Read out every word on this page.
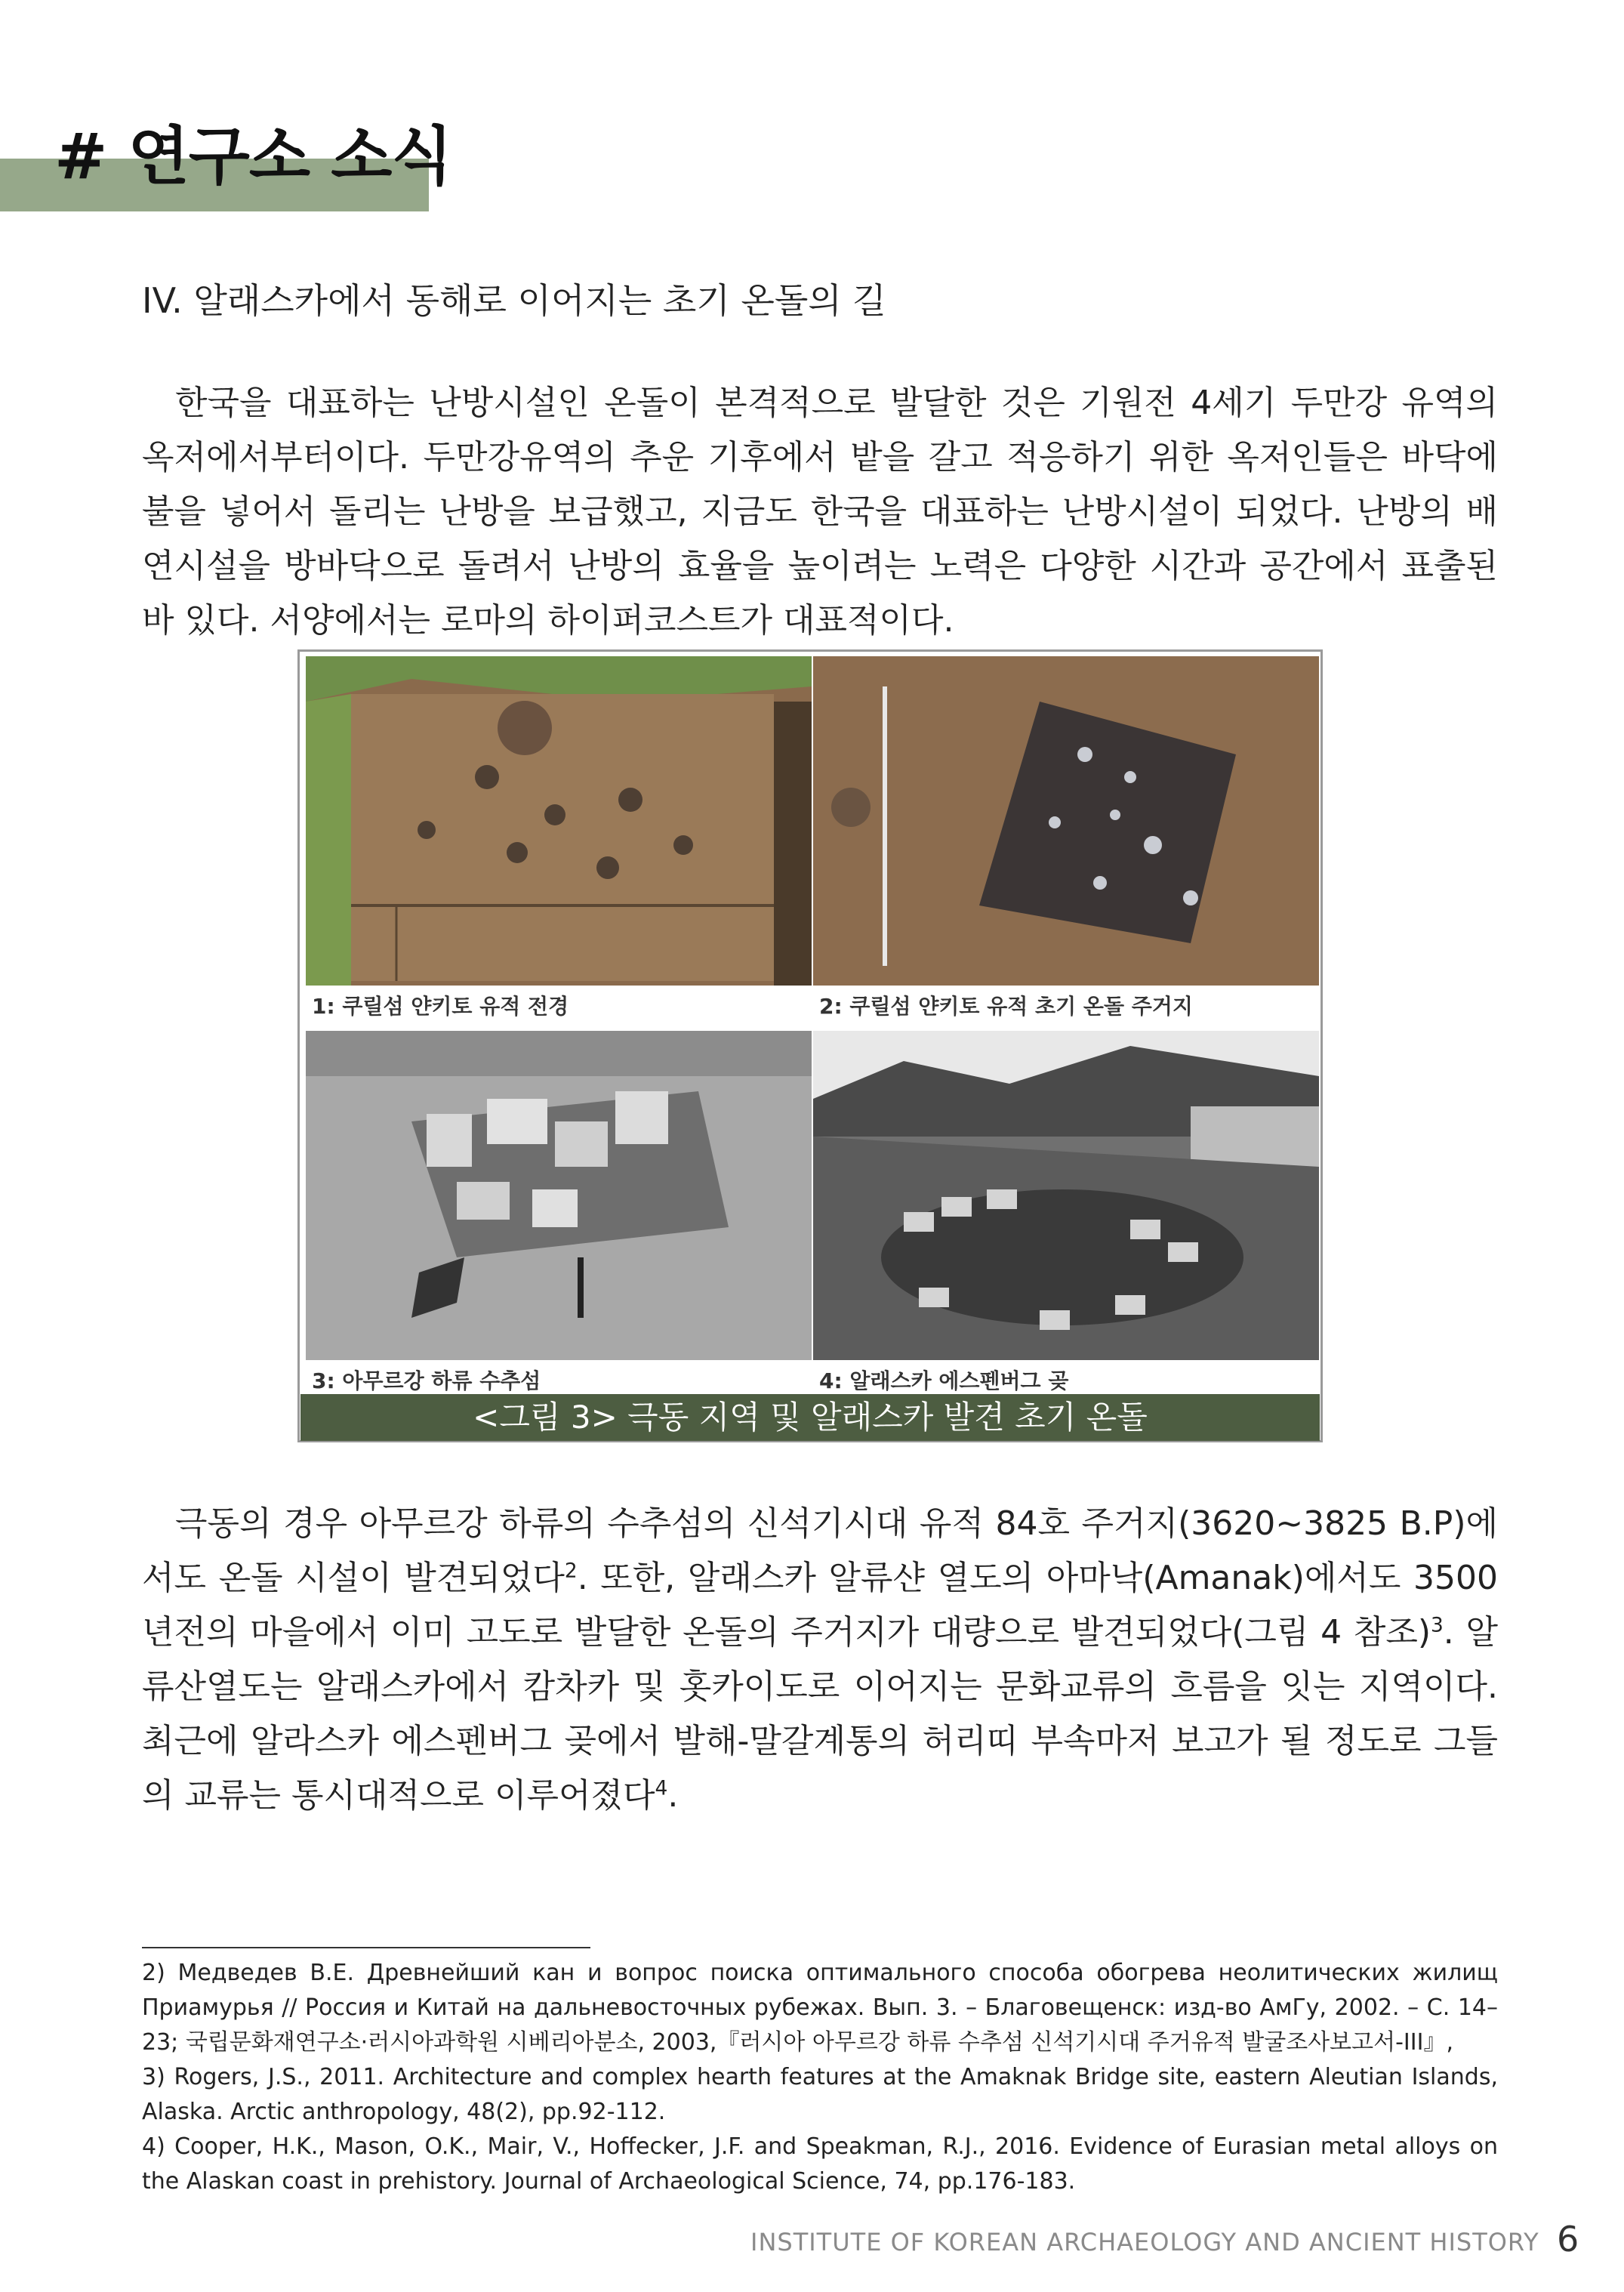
# 연구소 소식
IV. 알래스카에서 동해로 이어지는 초기 온돌의 길

 한국을 대표하는 난방시설인 온돌이 본격적으로 발달한 것은 기원전 4세기 두만강 유역의 옥저에서부터이다. 두만강유역의 추운 기후에서 밭을 갈고 적응하기 위한 옥저인들은 바닥에 불을 넣어서 돌리는 난방을 보급했고, 지금도 한국을 대표하는 난방시설이 되었다. 난방의 배연시설을 방바닥으로 돌려서 난방의 효율을 높이려는 노력은 다양한 시간과 공간에서 표출된 바 있다. 서양에서는 로마의 하이퍼코스트가 대표적이다.

1: 쿠릴섬 얀키토 유적 전경	2: 쿠릴섬 얀키토 유적 초기 온돌 주거지
3: 아무르강 하류 수추섬	4: 알래스카 에스펜버그 곶
<그림 3> 극동 지역 및 알래스카 발견 초기 온돌

 극동의 경우 아무르강 하류의 수추섬의 신석기시대 유적 84호 주거지(3620~3825 B.P)에서도 온돌 시설이 발견되었다$^2$. 또한, 알래스카 알류샨 열도의 아마낙(Amanak)에서도 3500년전의 마을에서 이미 고도로 발달한 온돌의 주거지가 대량으로 발견되었다(그림 4 참조)$^3$. 알류산열도는 알래스카에서 캄차카 및 홋카이도로 이어지는 문화교류의 흐름을 잇는 지역이다. 최근에 알라스카 에스펜버그 곶에서 발해-말갈계통의 허리띠 부속마저 보고가 될 정도로 그들의 교류는 통시대적으로 이루어졌다$^4$.

2) Медведев В.Е. Древнейший кан и вопрос поиска оптимального способа обогрева неолитических жилищ Приамурья // Россия и Китай на дальневосточных рубежах. Вып. 3. – Благовещенск: изд-во АмГу, 2002. – С. 14–23; 국립문화재연구소·러시아과학원 시베리아분소, 2003,『러시아 아무르강 하류 수추섬 신석기시대 주거유적 발굴조사보고서-III』,

3) Rogers, J.S., 2011. Architecture and complex hearth features at the Amaknak Bridge site, eastern Aleutian Islands, Alaska. Arctic anthropology, 48(2), pp.92-112.

4) Cooper, H.K., Mason, O.K., Mair, V., Hoffecker, J.F. and Speakman, R.J., 2016. Evidence of Eurasian metal alloys on the Alaskan coast in prehistory. Journal of Archaeological Science, 74, pp.176-183.

INSTITUTE OF KOREAN ARCHAEOLOGY AND ANCIENT HISTORY 6
